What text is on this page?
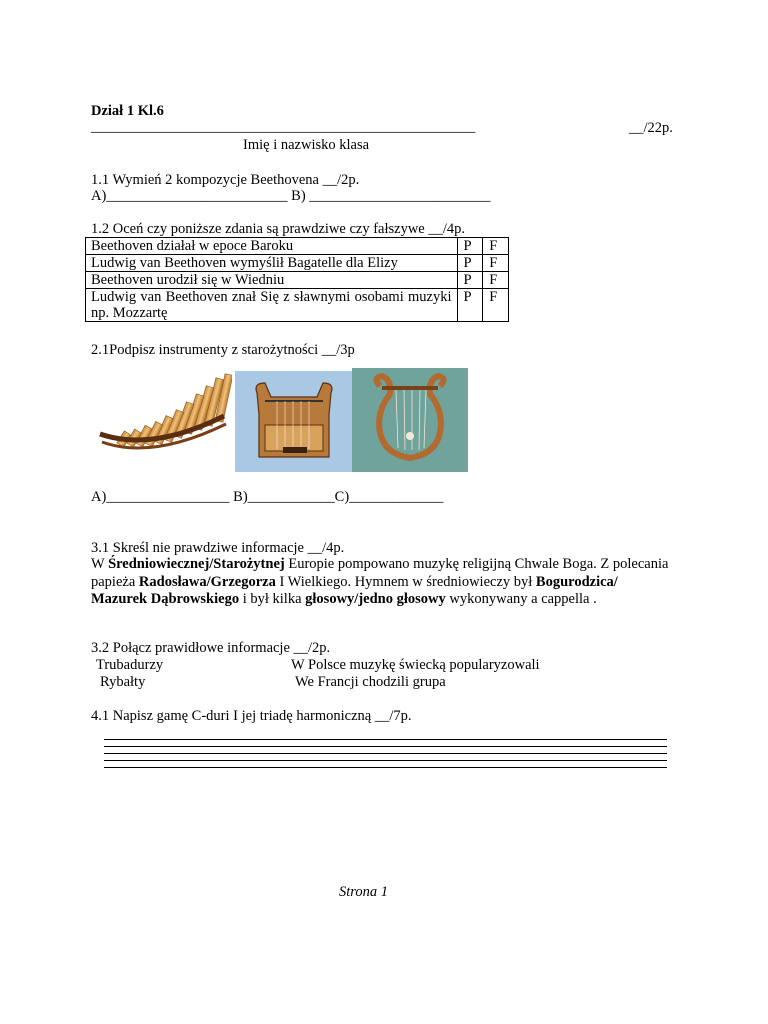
Dział 1 Kl.6
_____________________________________________________	__/22p.
Imię i nazwisko klasa
1.1 Wymień 2 kompozycje Beethovena __/2p.
A)_________________________ B) _________________________
1.2 Oceń czy poniższe zdania są prawdziwe czy fałszywe __/4p.
Beethoven działał w epoce Baroku	P	F
Ludwig van Beethoven wymyślił Bagatelle dla Elizy	P	F
Beethoven urodził się w Wiedniu	P	F
Ludwig van Beethoven znał Się z sławnymi osobami muzyki np. Mozzartę	P	F
2.1Podpisz instrumenty z starożytności __/3p
A)_________________ B)____________C)_____________
3.1 Skreśl nie prawdziwe informacje __/4p.
W Średniowiecznej/Starożytnej Europie pompowano muzykę religijną Chwale Boga. Z polecania papieża Radosława/Grzegorza I Wielkiego. Hymnem w średniowieczy był Bogurodzica/ Mazurek Dąbrowskiego i był kilka głosowy/jedno głosowy wykonywany a cappella .
3.2 Połącz prawidłowe informacje __/2p.
Trubadurzy
Rybałty
W Polsce muzykę świecką popularyzowali
We Francji chodzili grupa
4.1 Napisz gamę C-duri I jej triadę harmoniczną __/7p.
Strona 1
